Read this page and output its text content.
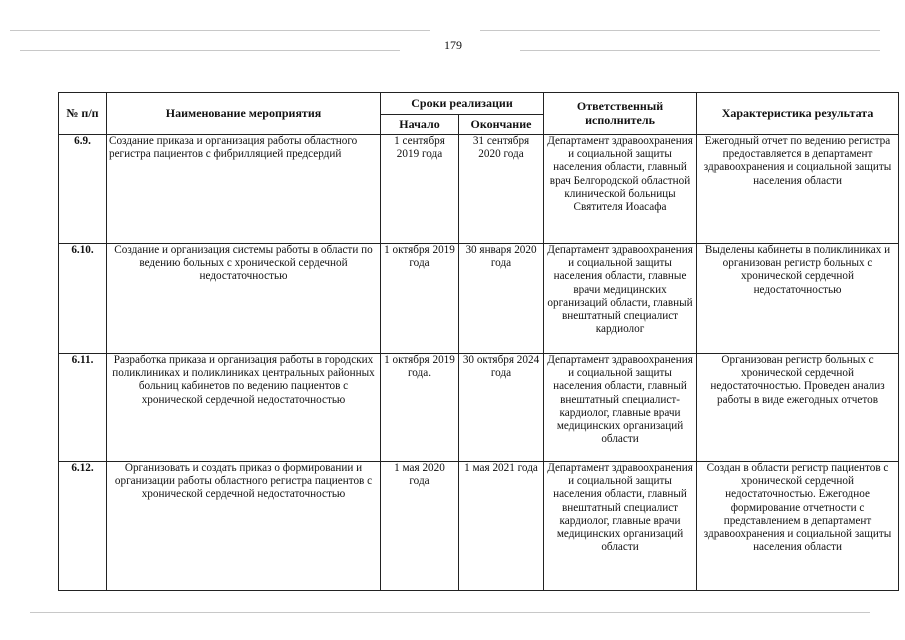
179
№ п/п	Наименование мероприятия	Сроки реализации		Ответственный исполнитель	Характеристика результата
		Начало	Окончание		
6.9.	Создание приказа и организация работы областного регистра пациентов с фибрилляцией предсердий	1 сентября 2019 года	31 сентября 2020 года	Департамент здравоохранения и социальной защиты населения области, главный врач Белгородской областной клинической больницы Святителя Иоасафа	Ежегодный отчет по ведению регистра предоставляется в департамент здравоохранения и социальной защиты населения области
6.10.	Создание и организация системы работы в области по ведению больных с хронической сердечной недостаточностью	1 октября 2019 года	30 января 2020 года	Департамент здравоохранения и социальной защиты населения области, главные врачи медицинских организаций области, главный внештатный специалист кардиолог	Выделены кабинеты в поликлиниках и организован регистр больных с хронической сердечной недостаточностью
6.11.	Разработка приказа и организация работы в городских поликлиниках и поликлиниках центральных районных больниц кабинетов по ведению пациентов с хронической сердечной недостаточностью	1 октября 2019 года.	30 октября 2024 года	Департамент здравоохранения и социальной защиты населения области, главный внештатный специалист-кардиолог, главные врачи медицинских организаций области	Организован регистр больных с хронической сердечной недостаточностью. Проведен анализ работы в виде ежегодных отчетов
6.12.	Организовать и создать приказ о формировании и организации работы областного регистра пациентов с хронической сердечной недостаточностью	1 мая 2020 года	1 мая 2021 года	Департамент здравоохранения и социальной защиты населения области, главный внештатный специалист кардиолог, главные врачи медицинских организаций области	Создан в области регистр пациентов с хронической сердечной недостаточностью. Ежегодное формирование отчетности с представлением в департамент здравоохранения и социальной защиты населения области
